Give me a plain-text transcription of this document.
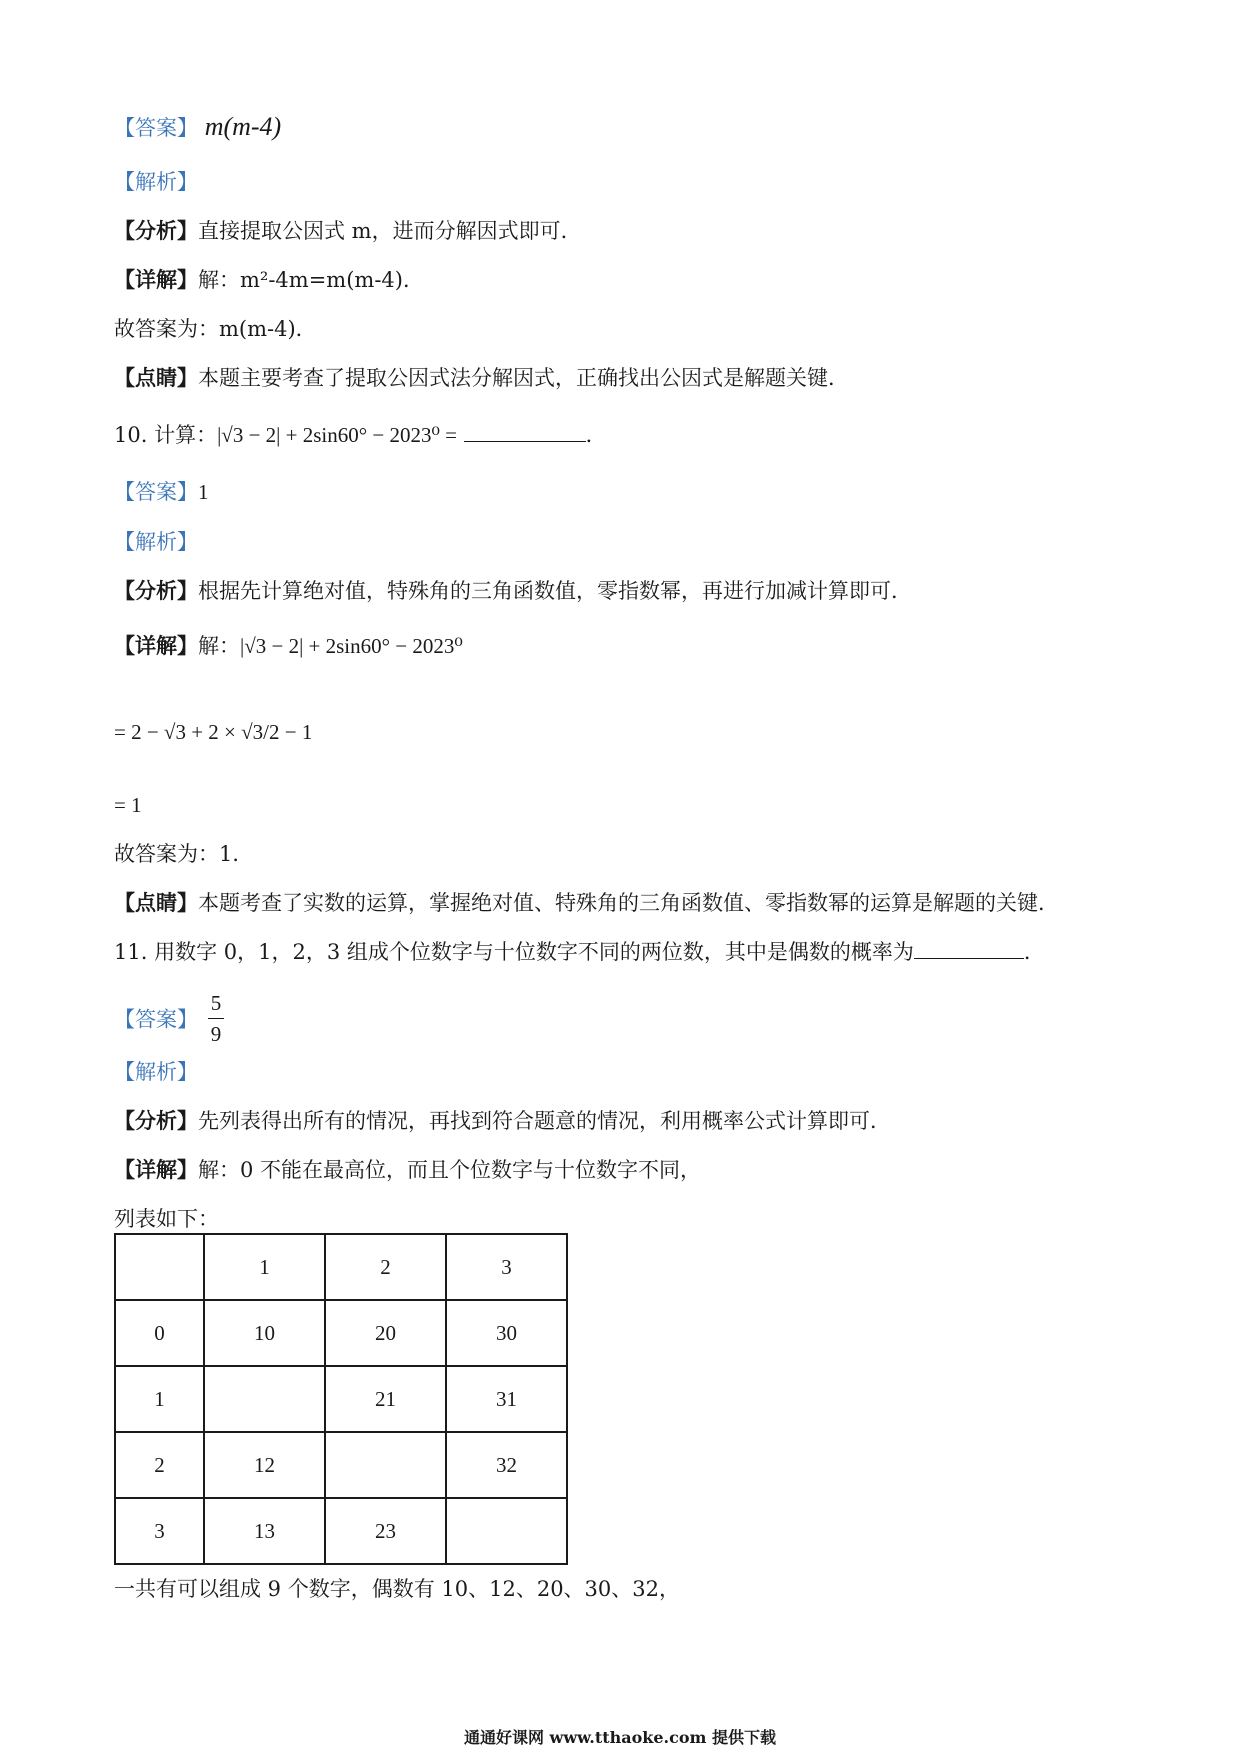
【答案】 m(m-4)
【解析】
【分析】直接提取公因式 m，进而分解因式即可．
【详解】解：m²-4m=m(m-4)．
故答案为：m(m-4)．
【点睛】本题主要考查了提取公因式法分解因式，正确找出公因式是解题关键．
10. 计算：|√3 − 2| + 2sin60° − 2023⁰ =	．
【答案】1
【解析】
【分析】根据先计算绝对值，特殊角的三角函数值，零指数幂，再进行加减计算即可．
【详解】解：|√3 − 2| + 2sin60° − 2023⁰
= 2 − √3 + 2 × √3/2 − 1
= 1
故答案为：1．
【点睛】本题考查了实数的运算，掌握绝对值、特殊角的三角函数值、零指数幂的运算是解题的关键．
11. 用数字 0，1，2，3 组成个位数字与十位数字不同的两位数，其中是偶数的概率为	．
【答案】 $\frac{5}{9}$
【解析】
【分析】先列表得出所有的情况，再找到符合题意的情况，利用概率公式计算即可．
【详解】解：0 不能在最高位，而且个位数字与十位数字不同，
列表如下：
	1	2	3
0	10	20	30
1		21	31
2	12		32
3	13	23	
一共有可以组成 9 个数字，偶数有 10、12、20、30、32，
通通好课网 www.tthaoke.com 提供下载
